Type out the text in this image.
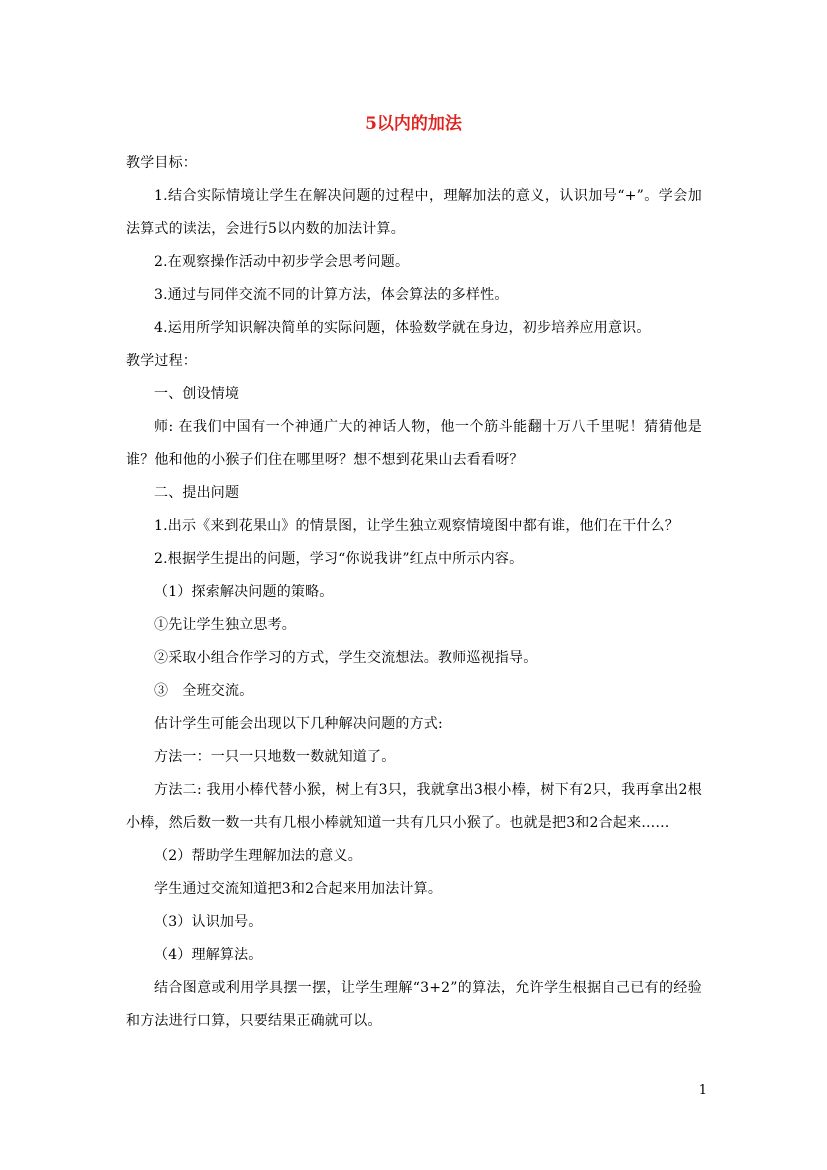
5以内的加法

教学目标：

1.结合实际情境让学生在解决问题的过程中，理解加法的意义，认识加号“+”。学会加法算式的读法，会进行5以内数的加法计算。

2.在观察操作活动中初步学会思考问题。

3.通过与同伴交流不同的计算方法，体会算法的多样性。

4.运用所学知识解决简单的实际问题，体验数学就在身边，初步培养应用意识。

教学过程：

一、创设情境

师: 在我们中国有一个神通广大的神话人物，他一个筋斗能翻十万八千里呢！猜猜他是谁？他和他的小猴子们住在哪里呀？想不想到花果山去看看呀？

二、提出问题

1.出示《来到花果山》的情景图，让学生独立观察情境图中都有谁，他们在干什么？

2.根据学生提出的问题，学习“你说我讲”红点中所示内容。

（1）探索解决问题的策略。

①先让学生独立思考。

②采取小组合作学习的方式，学生交流想法。教师巡视指导。

③　全班交流。

估计学生可能会出现以下几种解决问题的方式:

方法一：一只一只地数一数就知道了。

方法二: 我用小棒代替小猴，树上有3只，我就拿出3根小棒，树下有2只，我再拿出2根小棒，然后数一数一共有几根小棒就知道一共有几只小猴了。也就是把3和2合起来……

（2）帮助学生理解加法的意义。

学生通过交流知道把3和2合起来用加法计算。

（3）认识加号。

（4）理解算法。

结合图意或利用学具摆一摆，让学生理解“3+2”的算法，允许学生根据自己已有的经验和方法进行口算，只要结果正确就可以。

1
